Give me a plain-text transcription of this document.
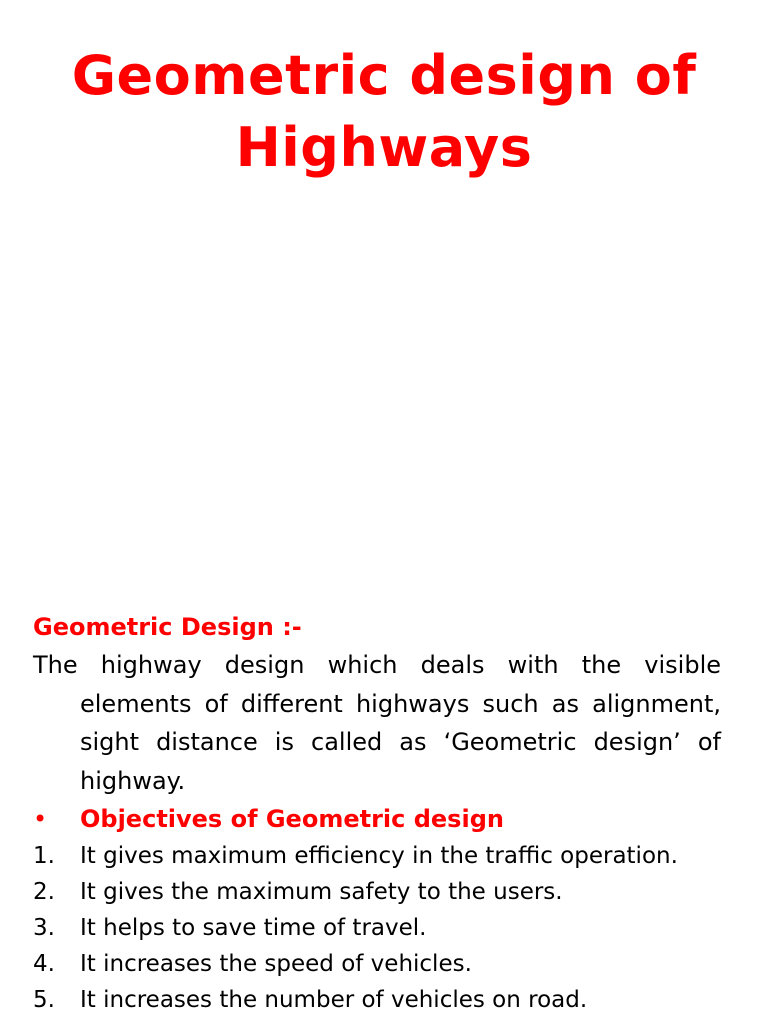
Geometric design of
Highways

Geometric Design :-

The highway design which deals with the visible elements of different highways such as alignment, sight distance is called as ‘Geometric design’ of highway.

•	Objectives of Geometric design
1.	It gives maximum efficiency in the traffic operation.
2.	It gives the maximum safety to the users.
3.	It helps to save time of travel.
4.	It increases the speed of vehicles.
5.	It increases the number of vehicles on road.
